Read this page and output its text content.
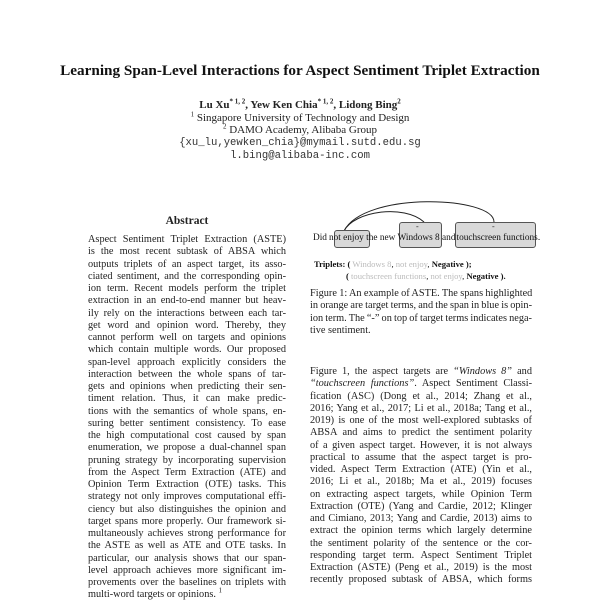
Learning Span-Level Interactions for Aspect Sentiment Triplet Extraction
Lu Xu$^{* 1, 2}$, Yew Ken Chia$^{* 1, 2}$, Lidong Bing$^2$
$^1$ Singapore University of Technology and Design
$^2$ DAMO Academy, Alibaba Group
{xu_lu,yewken_chia}@mymail.sutd.edu.sg
l.bing@alibaba-inc.com
Abstract
Aspect Sentiment Triplet Extraction (ASTE)
is the most recent subtask of ABSA which
outputs triplets of an aspect target, its asso-
ciated sentiment, and the corresponding opin-
ion term. Recent models perform the triplet
extraction in an end-to-end manner but heav-
ily rely on the interactions between each tar-
get word and opinion word. Thereby, they
cannot perform well on targets and opinions
which contain multiple words. Our proposed
span-level approach explicitly considers the
interaction between the whole spans of tar-
gets and opinions when predicting their sen-
timent relation. Thus, it can make predic-
tions with the semantics of whole spans, en-
suring better sentiment consistency. To ease
the high computational cost caused by span
enumeration, we propose a dual-channel span
pruning strategy by incorporating supervision
from the Aspect Term Extraction (ATE) and
Opinion Term Extraction (OTE) tasks. This
strategy not only improves computational effi-
ciency but also distinguishes the opinion and
target spans more properly. Our framework si-
multaneously achieves strong performance for
the ASTE as well as ATE and OTE tasks. In
particular, our analysis shows that our span-
level approach achieves more significant im-
provements over the baselines on triplets with
multi-word targets or opinions. $^1$
-	-
Did not enjoy the new Windows 8 andtouchscreen functions.
Triplets: ( Windows 8, not enjoy, Negative );
( touchscreen functions, not enjoy, Negative ).
Figure 1: An example of ASTE. The spans highlighted
in orange are target terms, and the span in blue is opin-
ion term. The “-” on top of target terms indicates nega-
tive sentiment.
Figure 1, the aspect targets are “Windows 8” and
“touchscreen functions”. Aspect Sentiment Classi-
fication (ASC) (Dong et al., 2014; Zhang et al.,
2016; Yang et al., 2017; Li et al., 2018a; Tang et al.,
2019) is one of the most well-explored subtasks of
ABSA and aims to predict the sentiment polarity
of a given aspect target. However, it is not always
practical to assume that the aspect target is pro-
vided. Aspect Term Extraction (ATE) (Yin et al.,
2016; Li et al., 2018b; Ma et al., 2019) focuses
on extracting aspect targets, while Opinion Term
Extraction (OTE) (Yang and Cardie, 2012; Klinger
and Cimiano, 2013; Yang and Cardie, 2013) aims to
extract the opinion terms which largely determine
the sentiment polarity of the sentence or the cor-
responding target term. Aspect Sentiment Triplet
Extraction (ASTE) (Peng et al., 2019) is the most
recently proposed subtask of ABSA, which forms
